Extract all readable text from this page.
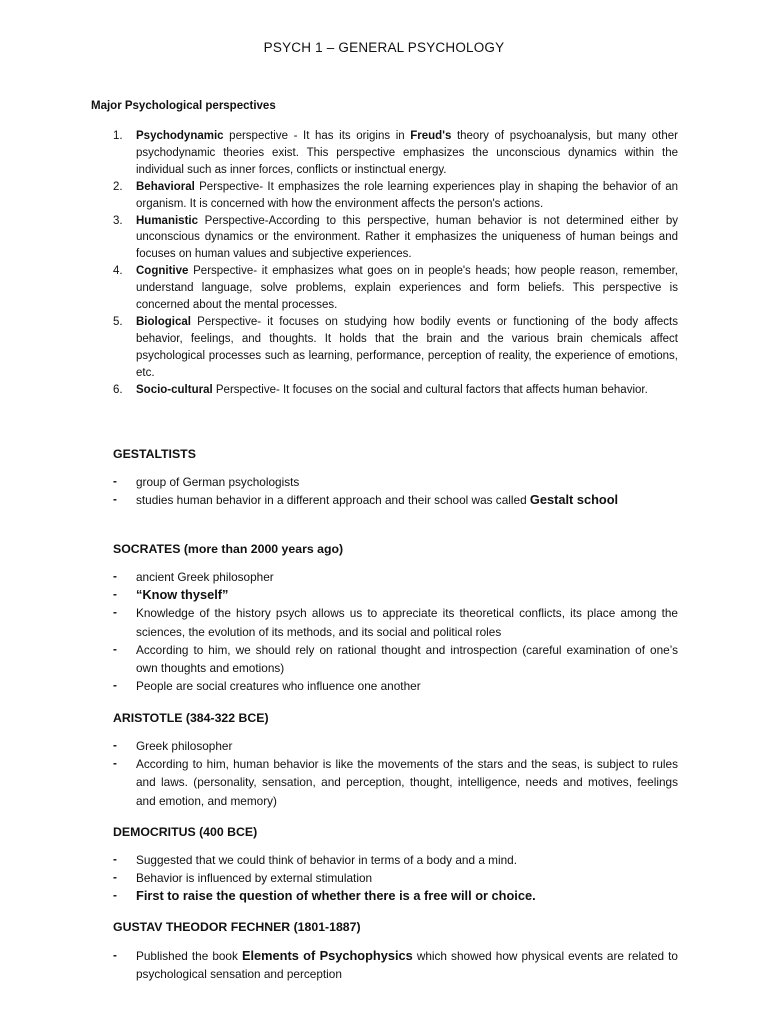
PSYCH 1 – GENERAL PSYCHOLOGY
Major Psychological perspectives
1. Psychodynamic perspective - It has its origins in Freud's theory of psychoanalysis, but many other psychodynamic theories exist. This perspective emphasizes the unconscious dynamics within the individual such as inner forces, conflicts or instinctual energy.
2. Behavioral Perspective- It emphasizes the role learning experiences play in shaping the behavior of an organism. It is concerned with how the environment affects the person's actions.
3. Humanistic Perspective-According to this perspective, human behavior is not determined either by unconscious dynamics or the environment. Rather it emphasizes the uniqueness of human beings and focuses on human values and subjective experiences.
4. Cognitive Perspective- it emphasizes what goes on in people's heads; how people reason, remember, understand language, solve problems, explain experiences and form beliefs. This perspective is concerned about the mental processes.
5. Biological Perspective- it focuses on studying how bodily events or functioning of the body affects behavior, feelings, and thoughts. It holds that the brain and the various brain chemicals affect psychological processes such as learning, performance, perception of reality, the experience of emotions, etc.
6. Socio-cultural Perspective- It focuses on the social and cultural factors that affects human behavior.
GESTALTISTS
- group of German psychologists
- studies human behavior in a different approach and their school was called Gestalt school
SOCRATES (more than 2000 years ago)
- ancient Greek philosopher
- “Know thyself”
- Knowledge of the history psych allows us to appreciate its theoretical conflicts, its place among the sciences, the evolution of its methods, and its social and political roles
- According to him, we should rely on rational thought and introspection (careful examination of one’s own thoughts and emotions)
- People are social creatures who influence one another
ARISTOTLE (384-322 BCE)
- Greek philosopher
- According to him, human behavior is like the movements of the stars and the seas, is subject to rules and laws. (personality, sensation, and perception, thought, intelligence, needs and motives, feelings and emotion, and memory)
DEMOCRITUS (400 BCE)
- Suggested that we could think of behavior in terms of a body and a mind.
- Behavior is influenced by external stimulation
- First to raise the question of whether there is a free will or choice.
GUSTAV THEODOR FECHNER (1801-1887)
- Published the book Elements of Psychophysics which showed how physical events are related to psychological sensation and perception
